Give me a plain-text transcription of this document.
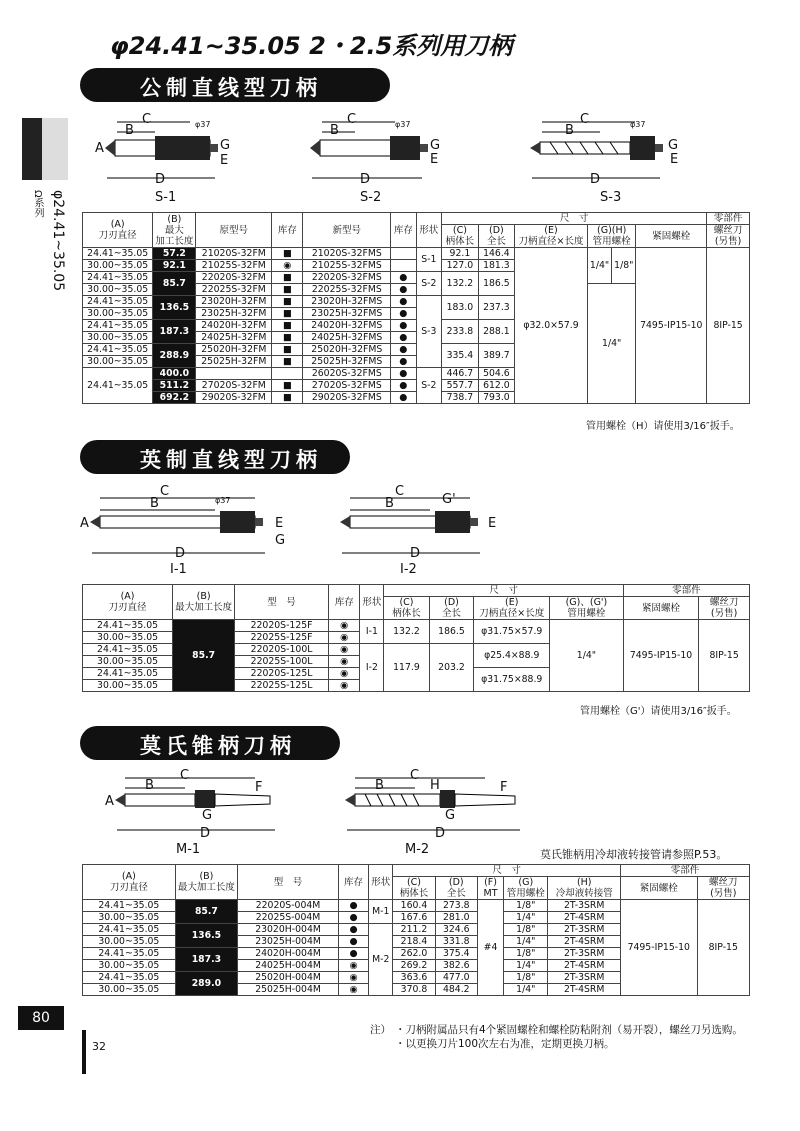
φ24.41~35.05 2・2.5系列用刀柄
φ24.41~35.05
Ω系列
公制直线型刀柄
C
B
A
D
E
G
φ37
S-1
C
B
D
E
G
φ37
S-2
C
B
D
E
G
φ37
S-3
(A)
刀刃直径	(B)
最大
加工长度	原型号	库存	新型号	库存	形状	尺　寸						零部件
							(C)
柄体长	(D)
全长	(E)
刀柄直径×长度	(G)(H)
管用螺栓		紧固螺栓	螺丝刀
(另售)
24.41~35.05	57.2	21020S-32FM	■	21020S-32FMS		S-1	92.1	146.4	φ32.0×57.9	1/4"	1/8"	7495-IP15-10	8IP-15
30.00~35.05	92.1	21025S-32FM	◉	21025S-32FMS			127.0	181.3					
24.41~35.05	85.7	22020S-32FM	■	22020S-32FMS	●	S-2	132.2	186.5					
30.00~35.05		22025S-32FM	■	22025S-32FMS	●					1/4"			
24.41~35.05	136.5	23020H-32FM	■	23020H-32FMS	●	S-3	183.0	237.3					
30.00~35.05		23025H-32FM	■	23025H-32FMS	●								
24.41~35.05	187.3	24020H-32FM	■	24020H-32FMS	●		233.8	288.1					
30.00~35.05		24025H-32FM	■	24025H-32FMS	●								
24.41~35.05	288.9	25020H-32FM	■	25020H-32FMS	●		335.4	389.7					
30.00~35.05		25025H-32FM	■	25025H-32FMS	●								
24.41~35.05	400.0			26020S-32FMS	●	S-2	446.7	504.6					
	511.2	27020S-32FM	■	27020S-32FMS	●		557.7	612.0					
	692.2	29020S-32FM	■	29020S-32FMS	●		738.7	793.0					
管用螺栓（H）请使用3/16″扳手。
英制直线型刀柄
C
B
A
D
E
G
φ37
I-1
C
B
D
E
G'
I-2
(A)
刀刃直径	(B)
最大加工长度	型　号	库存	形状	尺　寸				零部件	
					(C)
柄体长	(D)
全长	(E)
刀柄直径×长度	(G)、(G')
管用螺栓	紧固螺栓	螺丝刀
(另售)
24.41~35.05	85.7	22020S-125F	◉	I-1	132.2	186.5	φ31.75×57.9	1/4"	7495-IP15-10	8IP-15
30.00~35.05		22025S-125F	◉							
24.41~35.05		22020S-100L	◉	I-2	117.9	203.2	φ25.4×88.9			
30.00~35.05		22025S-100L	◉							
24.41~35.05		22020S-125L	◉				φ31.75×88.9			
30.00~35.05		22025S-125L	◉							
管用螺栓（G'）请使用3/16″扳手。
莫氏锥柄刀柄
C
B
A
D
F
G
M-1
C
B	H
D
F
G
M-2	莫氏锥柄用冷却液转接管请参照P.53。
(A)
刀刃直径	(B)
最大加工长度	型　号	库存	形状	尺　寸					零部件	
					(C)
柄体长	(D)
全长	(F)
MT	(G)
管用螺栓	(H)
冷却液转接管	紧固螺栓	螺丝刀
(另售)
24.41~35.05	85.7	22020S-004M	●	M-1	160.4	273.8	#4	1/8"	2T-3SRM	7495-IP15-10	8IP-15
30.00~35.05		22025S-004M	●		167.6	281.0		1/4"	2T-4SRM		
24.41~35.05	136.5	23020H-004M	●	M-2	211.2	324.6		1/8"	2T-3SRM		
30.00~35.05		23025H-004M	●		218.4	331.8		1/4"	2T-4SRM		
24.41~35.05	187.3	24020H-004M	●		262.0	375.4		1/8"	2T-3SRM		
30.00~35.05		24025H-004M	◉		269.2	382.6		1/4"	2T-4SRM		
24.41~35.05	289.0	25020H-004M	◉		363.6	477.0		1/8"	2T-3SRM		
30.00~35.05		25025H-004M	◉		370.8	484.2		1/4"	2T-4SRM		
80
32
注） ・刀柄附属品只有4个紧固螺栓和螺栓防粘附剂（易开裂），螺丝刀另选购。
・以更换刀片100次左右为准，定期更换刀柄。
